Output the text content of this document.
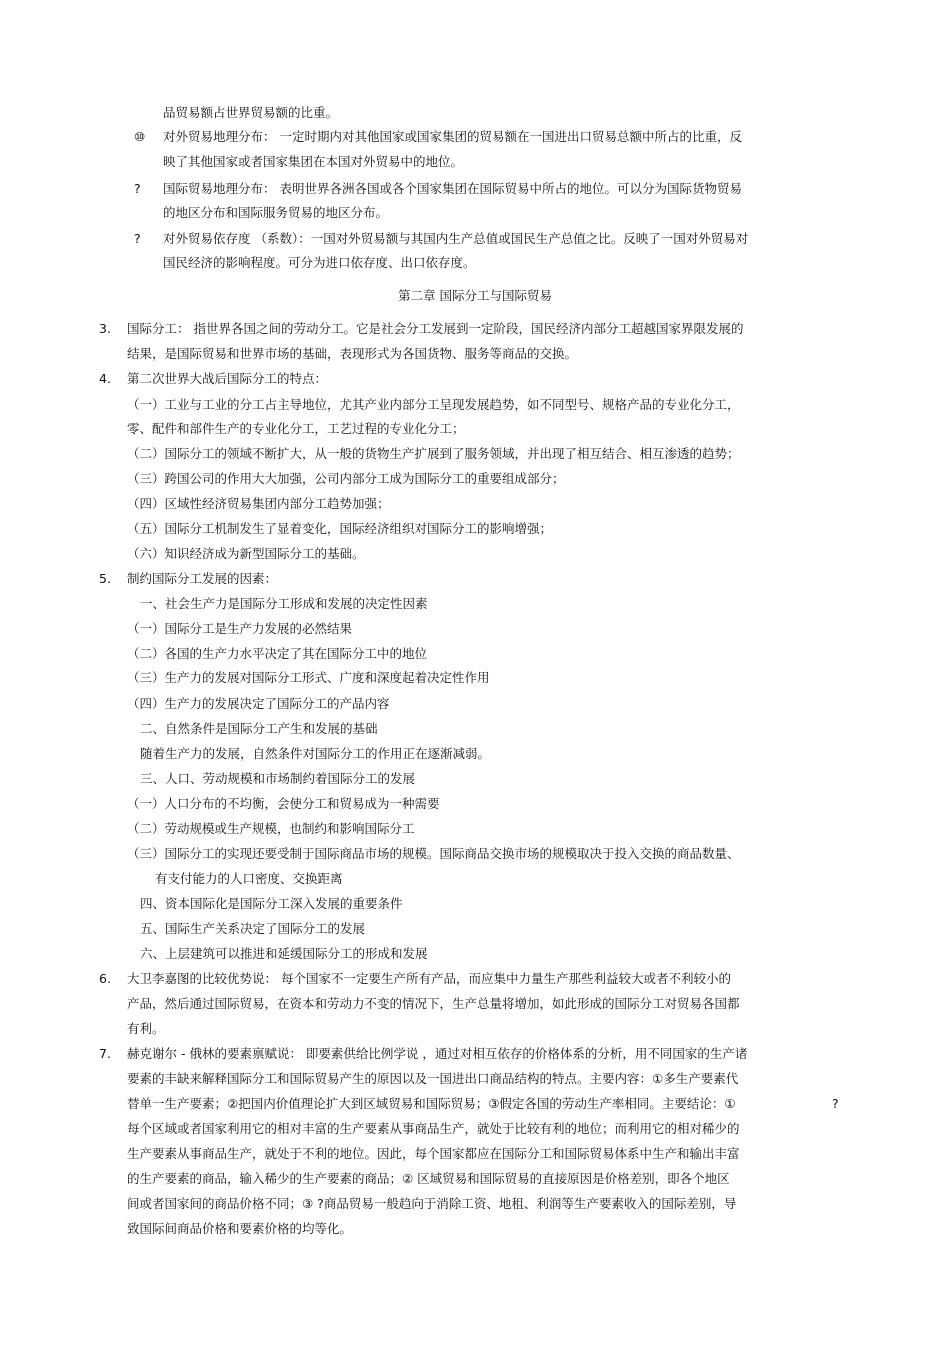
品贸易额占世界贸易额的比重。
⑩ 对外贸易地理分布： 一定时期内对其他国家或国家集团的贸易额在一国进出口贸易总额中所占的比重，反
映了其他国家或者国家集团在本国对外贸易中的地位。
? 国际贸易地理分布： 表明世界各洲各国或各个国家集团在国际贸易中所占的地位。可以分为国际货物贸易
的地区分布和国际服务贸易的地区分布。
? 对外贸易依存度 （系数）：一国对外贸易额与其国内生产总值或国民生产总值之比。反映了一国对外贸易对
国民经济的影响程度。可分为进口依存度、出口依存度。
第二章 国际分工与国际贸易
3. 国际分工： 指世界各国之间的劳动分工。它是社会分工发展到一定阶段，国民经济内部分工超越国家界限发展的
结果，是国际贸易和世界市场的基础，表现形式为各国货物、服务等商品的交换。
4. 第二次世界大战后国际分工的特点：
（一）工业与工业的分工占主导地位，尤其产业内部分工呈现发展趋势，如不同型号、规格产品的专业化分工，
零、配件和部件生产的专业化分工，工艺过程的专业化分工；
（二）国际分工的领域不断扩大，从一般的货物生产扩展到了服务领域，并出现了相互结合、相互渗透的趋势；
（三）跨国公司的作用大大加强，公司内部分工成为国际分工的重要组成部分；
（四）区域性经济贸易集团内部分工趋势加强；
（五）国际分工机制发生了显着变化，国际经济组织对国际分工的影响增强；
（六）知识经济成为新型国际分工的基础。
5. 制约国际分工发展的因素：
一、社会生产力是国际分工形成和发展的决定性因素
（一）国际分工是生产力发展的必然结果
（二）各国的生产力水平决定了其在国际分工中的地位
（三）生产力的发展对国际分工形式、广度和深度起着决定性作用
（四）生产力的发展决定了国际分工的产品内容
二、自然条件是国际分工产生和发展的基础
随着生产力的发展，自然条件对国际分工的作用正在逐渐减弱。
三、人口、劳动规模和市场制约着国际分工的发展
（一）人口分布的不均衡，会使分工和贸易成为一种需要
（二）劳动规模或生产规模，也制约和影响国际分工
（三）国际分工的实现还要受制于国际商品市场的规模。国际商品交换市场的规模取决于投入交换的商品数量、
有支付能力的人口密度、交换距离
四、资本国际化是国际分工深入发展的重要条件
五、国际生产关系决定了国际分工的发展
六、上层建筑可以推进和延缓国际分工的形成和发展
6. 大卫李嘉图的比较优势说： 每个国家不一定要生产所有产品，而应集中力量生产那些利益较大或者不利较小的
产品，然后通过国际贸易，在资本和劳动力不变的情况下，生产总量将增加，如此形成的国际分工对贸易各国都
有利。
7. 赫克谢尔 - 俄林的要素禀赋说： 即要素供给比例学说 ，通过对相互依存的价格体系的分析，用不同国家的生产诸
要素的丰缺来解释国际分工和国际贸易产生的原因以及一国进出口商品结构的特点。主要内容：①多生产要素代
替单一生产要素；②把国内价值理论扩大到区域贸易和国际贸易；③假定各国的劳动生产率相同。主要结论：①	?
每个区域或者国家利用它的相对丰富的生产要素从事商品生产，就处于比较有利的地位；而利用它的相对稀少的
生产要素从事商品生产，就处于不利的地位。因此，每个国家都应在国际分工和国际贸易体系中生产和输出丰富
的生产要素的商品，输入稀少的生产要素的商品；② 区域贸易和国际贸易的直接原因是价格差别，即各个地区
间或者国家间的商品价格不同；③ ?商品贸易一般趋向于消除工资、地租、利润等生产要素收入的国际差别，导
致国际间商品价格和要素价格的均等化。
